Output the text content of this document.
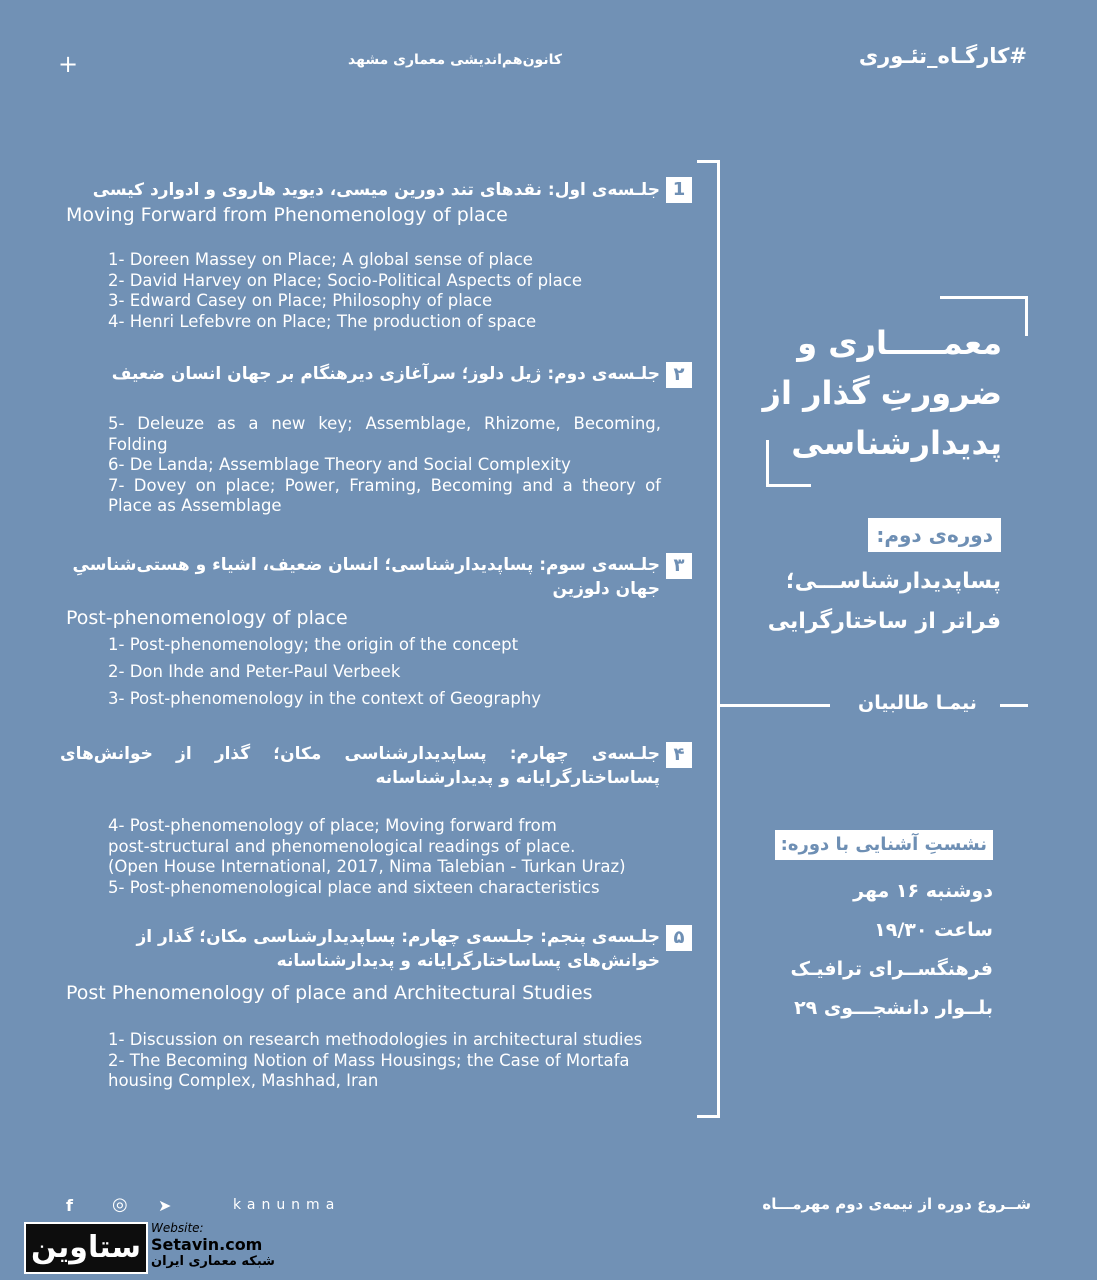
#کارگـاه_تئـوری
کانون‌هم‌اندیشی معماری مشهد
+
1
جلـسه‌ی اول: نقدهای تند دورین میسی، دیوید هاروی و ادوارد کیسی
Moving Forward from Phenomenology of place
1- Doreen Massey on Place; A global sense of place
2- David Harvey on Place; Socio-Political Aspects of place
3- Edward Casey on Place; Philosophy of place
4- Henri Lefebvre on Place; The production of space
۲
جلـسه‌ی دوم: ژیل دلوز؛ سرآغازی دیرهنگام بر جهان انسان ضعیف
5- Deleuze as a new key; Assemblage, Rhizome, Becoming, Folding
6- De Landa; Assemblage Theory and Social Complexity
7- Dovey on place; Power, Framing, Becoming and a theory of Place as Assemblage
۳
جلـسه‌ی سوم: پساپدیدارشناسی؛ انسان ضعیف، اشیاء و هستی‌شناسیِ جهان دلوزین
Post-phenomenology of place
1- Post-phenomenology; the origin of the concept
2- Don Ihde and Peter-Paul Verbeek
3- Post-phenomenology in the context of Geography
۴
جلـسه‌ی چهارم: پساپدیدارشناسی مکان؛ گذار از خوانش‌های پساساختارگرایانه و پدیدارشناسانه
4- Post-phenomenology of place; Moving forward from
post-structural and phenomenological readings of place.
(Open House International, 2017, Nima Talebian - Turkan Uraz)
5- Post-phenomenological place and sixteen characteristics
۵
جلـسه‌ی پنجم: جلـسه‌ی چهارم: پساپدیدارشناسی مکان؛ گذار از خوانش‌های پساساختارگرایانه و پدیدارشناسانه
Post Phenomenology of place and Architectural Studies
1- Discussion on research methodologies in architectural studies
2- The Becoming Notion of Mass Housings; the Case of Mortafa housing Complex, Mashhad, Iran
معمـــــاری و
ضرورتِ گذار از
پدیدارشناسی
دوره‌ی دوم:
پساپدیدارشناســـی؛
فراتر از ساختارگرایی
نیمـا طالبیان
نشستِ آشنایی با دوره:
دوشنبه ۱۶ مهر
ساعت ۱۹/۳۰
فرهنگســرای ترافیـک
بلــوار دانشجـــوی ۲۹
شــروع دوره از نیمه‌ی دوم مهرمـــاه
f ◎ ➤	kanunma
ستاوین
Website:
Setavin.com
شبکه معماری ایران
